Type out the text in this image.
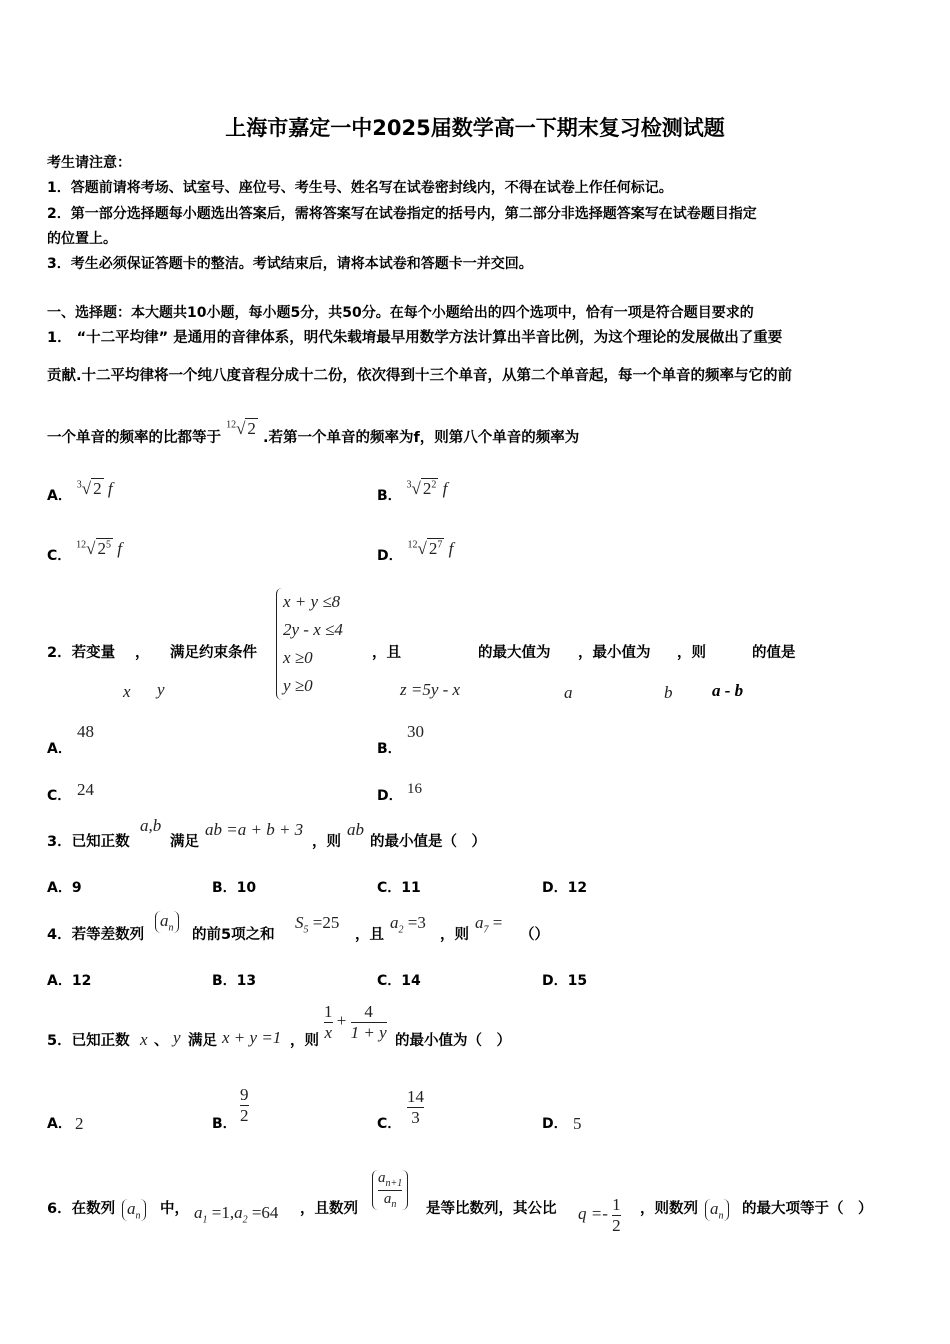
上海市嘉定一中2025届数学高一下期末复习检测试题
考生请注意：
1．答题前请将考场、试室号、座位号、考生号、姓名写在试卷密封线内，不得在试卷上作任何标记。
2．第一部分选择题每小题选出答案后，需将答案写在试卷指定的括号内，第二部分非选择题答案写在试卷题目指定
的位置上。
3．考生必须保证答题卡的整洁。考试结束后，请将本试卷和答题卡一并交回。
一、选择题：本大题共10小题，每小题5分，共50分。在每个小题给出的四个选项中，恰有一项是符合题目要求的
1． “十二平均律” 是通用的音律体系，明代朱载堉最早用数学方法计算出半音比例，为这个理论的发展做出了重要
贡献.十二平均律将一个纯八度音程分成十二份，依次得到十三个单音，从第二个单音起，每一个单音的频率与它的前
一个单音的频率的比都等于 $^{12}$√ 2 .若第一个单音的频率为f，则第八个单音的频率为
A． $^3$√ 2 f	B． $^3$√ $2^2$ f
C． $^{12}$√ $2^5$ f	D． $^{12}$√ $2^7$ f
2．若变量 ， 满足约束条件
x + y ≤8
2y - x ≤4
x ≥0
y ≥0
，且	的最大值为 ，最小值为 ，则	的值是
x y	z =5y - x	a	b a - b
A．
48
B．
30
C． 24	D． 16
3．已知正数
a,b
满足
ab =a + b + 3
，则
ab
的最小值是（　）
A．9	B．10	C．11	D．12
4．若等差数列
$a_n$	的前5项之和
$S_5 =25$
，且
$a_2 =3$
，则
$a_7$ =
（）
A．12	B．13	C．14	D．15
5．已知正数 x 、 y 满足 x + y =1 ，则 $\frac{1}{x} + \frac{4}{1 + y}$ 的最小值为（　）
A． 2	B． $\frac{9}{2}$	C． $\frac{14}{3}$	D． 5
6．在数列 $a_n$	中， $a_1 =1,a_2 =64$ ，且数列 $\frac{a_{n+1}}{a_n}$ 是等比数列，其公比 $q =- \frac{1}{2}$ ，则数列 $a_n$	的最大项等于（　）
